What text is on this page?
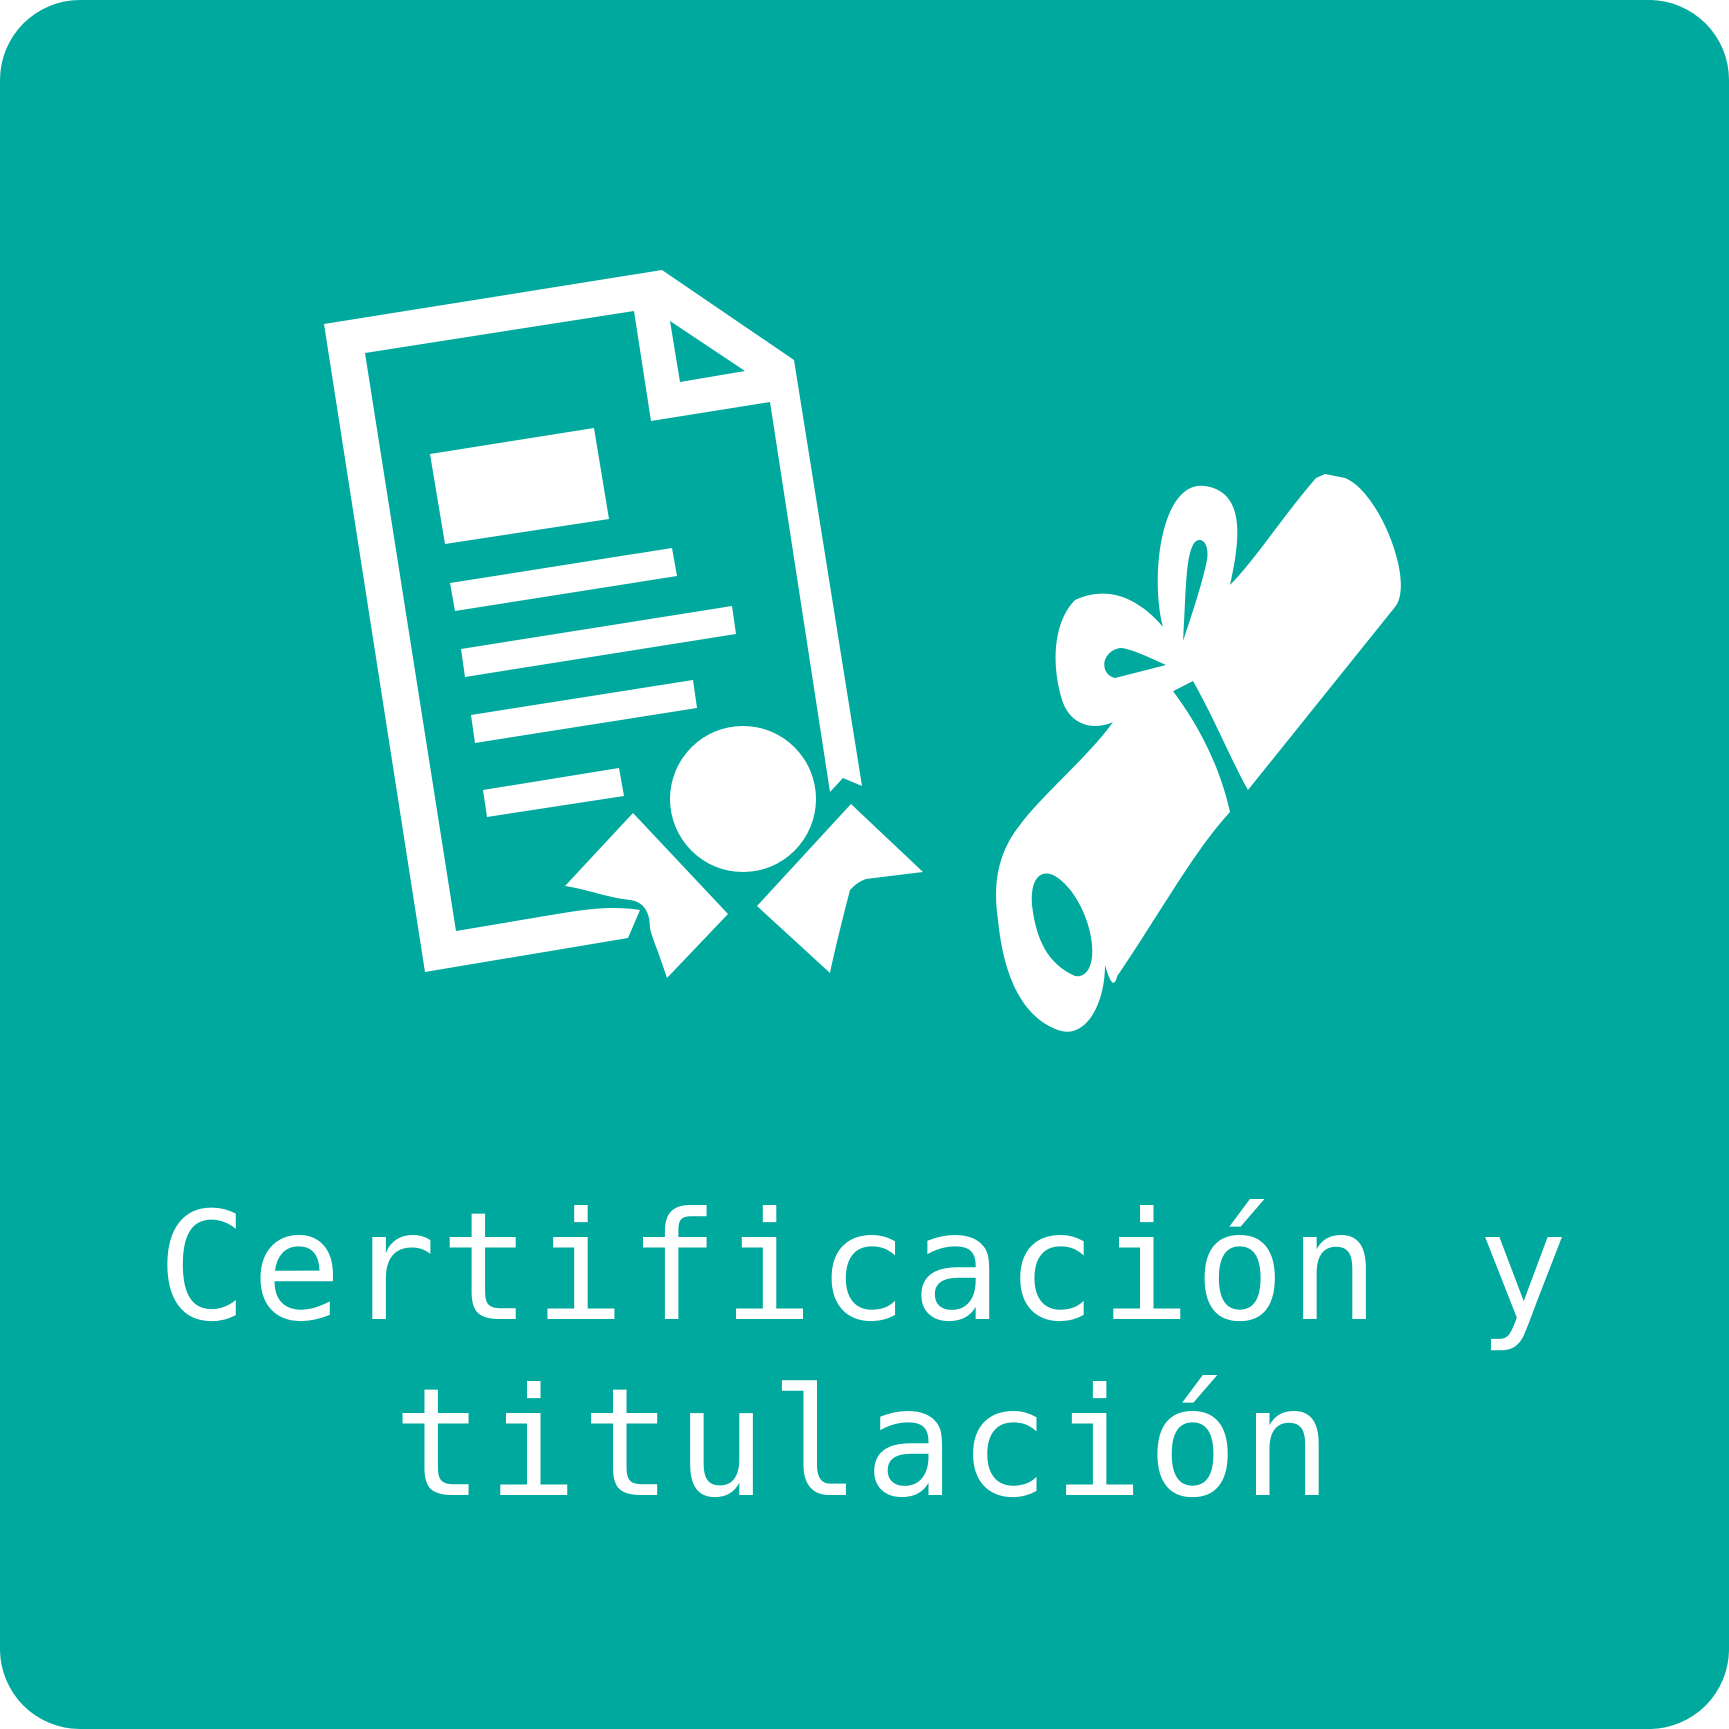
Certificación y
titulación
